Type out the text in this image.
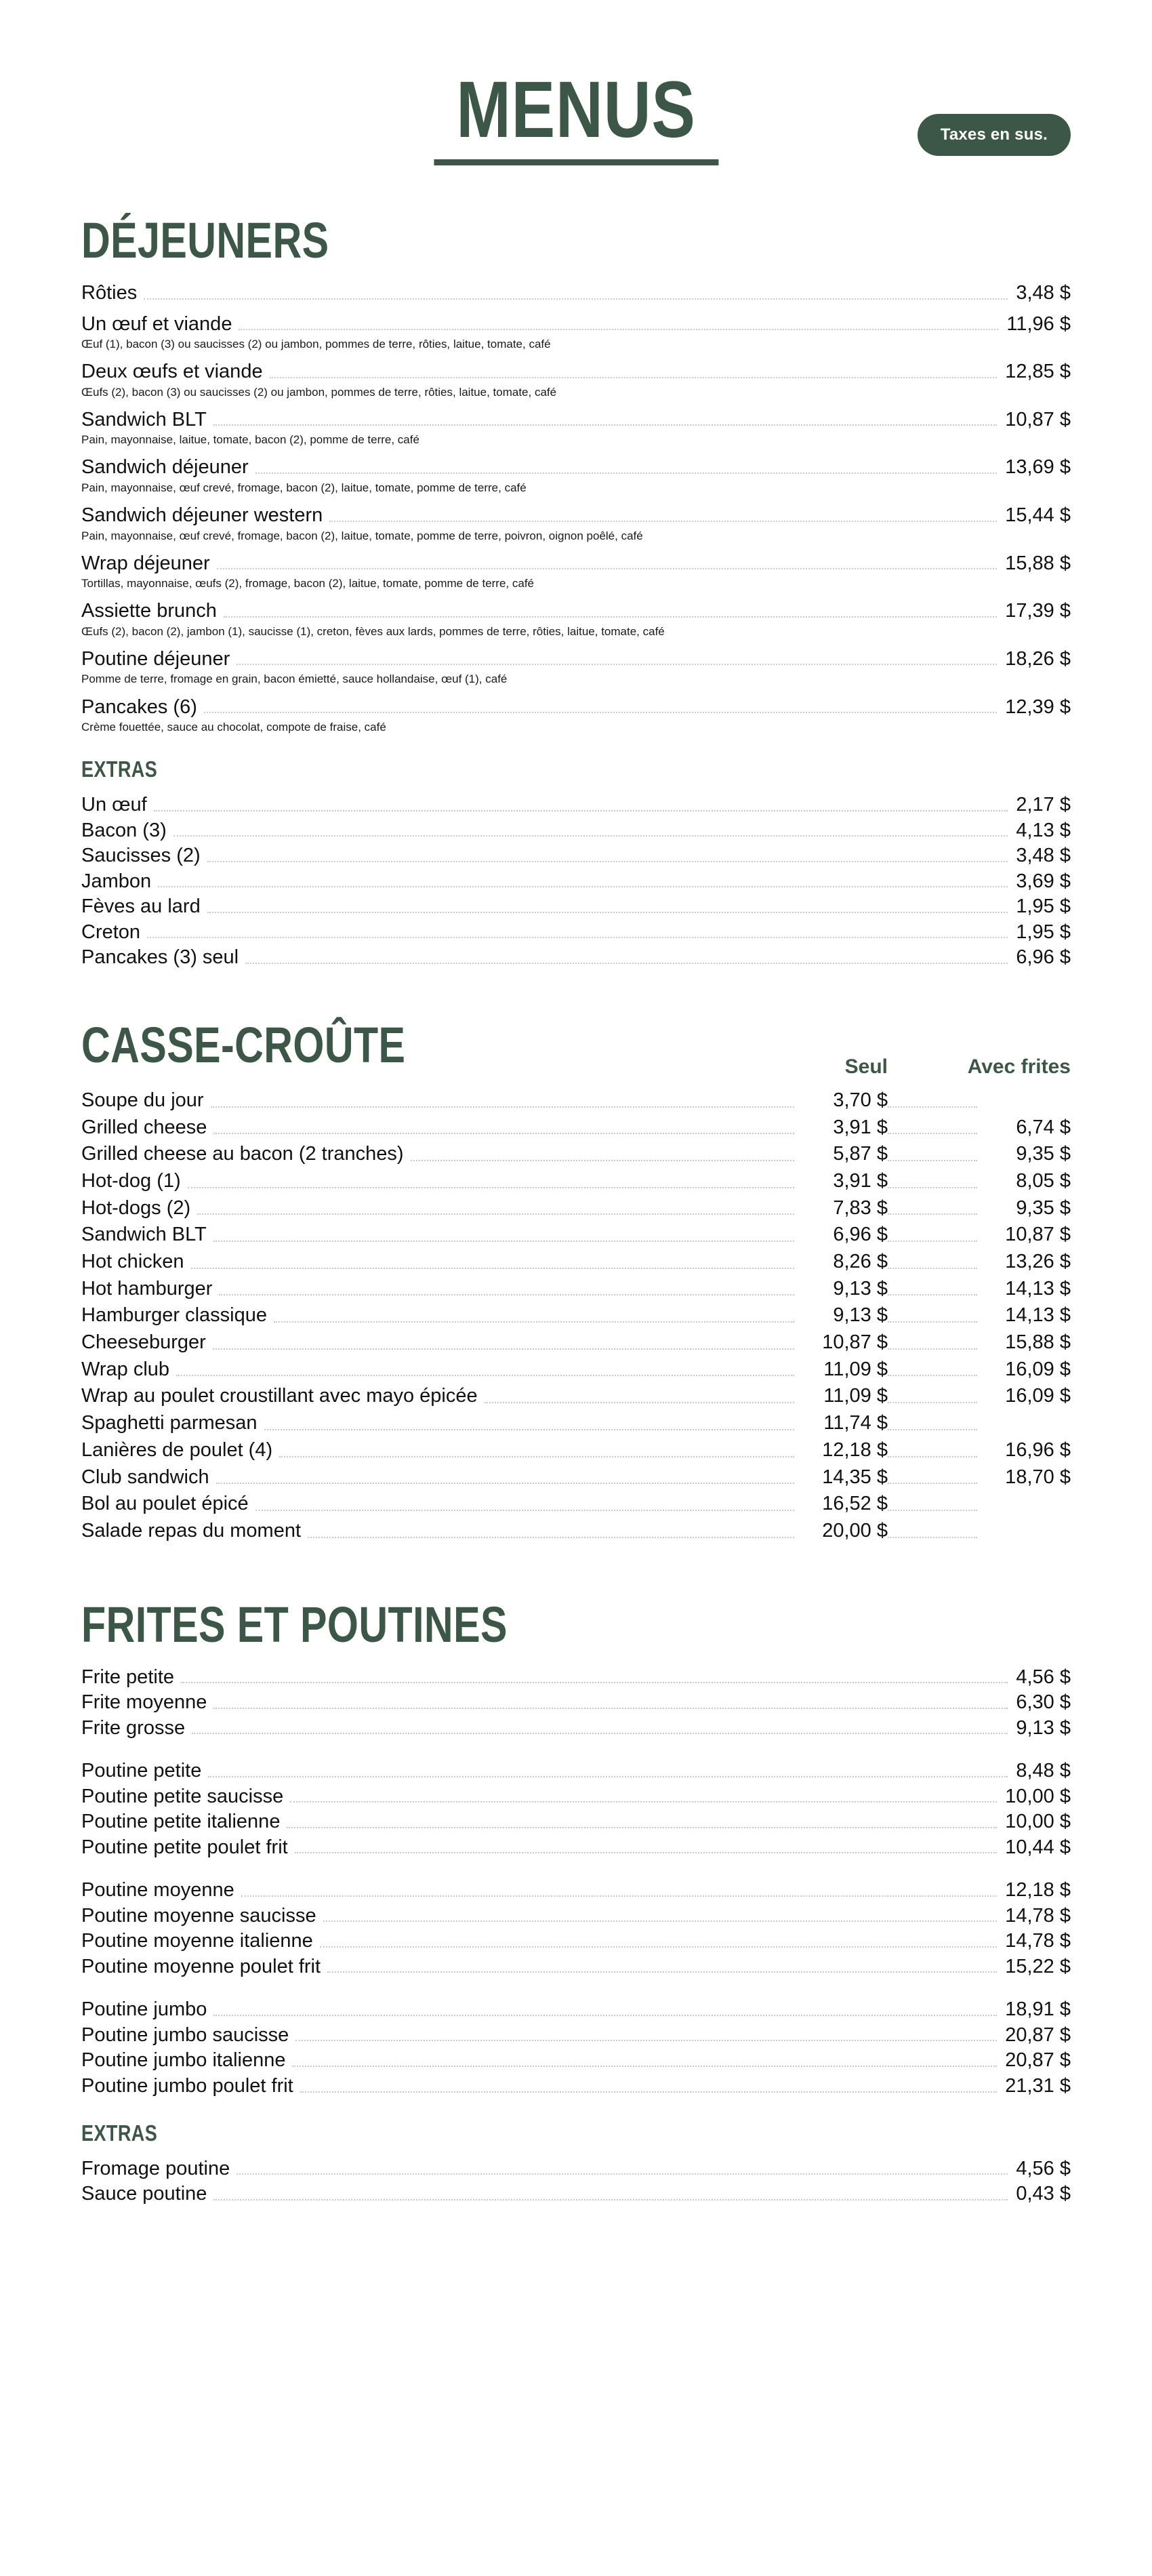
MENUS	Taxes en sus.
DÉJEUNERS
Rôties	3,48 $
Un œuf et viande	11,96 $
Œuf (1), bacon (3) ou saucisses (2) ou jambon, pommes de terre, rôties, laitue, tomate, café
Deux œufs et viande	12,85 $
Œufs (2), bacon (3) ou saucisses (2) ou jambon, pommes de terre, rôties, laitue, tomate, café
Sandwich BLT	10,87 $
Pain, mayonnaise, laitue, tomate, bacon (2), pomme de terre, café
Sandwich déjeuner	13,69 $
Pain, mayonnaise, œuf crevé, fromage, bacon (2), laitue, tomate, pomme de terre, café
Sandwich déjeuner western	15,44 $
Pain, mayonnaise, œuf crevé, fromage, bacon (2), laitue, tomate, pomme de terre, poivron, oignon poêlé, café
Wrap déjeuner	15,88 $
Tortillas, mayonnaise, œufs (2), fromage, bacon (2), laitue, tomate, pomme de terre, café
Assiette brunch	17,39 $
Œufs (2), bacon (2), jambon (1), saucisse (1), creton, fèves aux lards, pommes de terre, rôties, laitue, tomate, café
Poutine déjeuner	18,26 $
Pomme de terre, fromage en grain, bacon émietté, sauce hollandaise, œuf (1), café
Pancakes (6)	12,39 $
Crème fouettée, sauce au chocolat, compote de fraise, café
EXTRAS
Un œuf	2,17 $
Bacon (3)	4,13 $
Saucisses (2)	3,48 $
Jambon	3,69 $
Fèves au lard	1,95 $
Creton	1,95 $
Pancakes (3) seul	6,96 $
CASSE-CROÛTE	Seul	Avec frites
Soupe du jour	3,70 $
Grilled cheese	3,91 $	6,74 $
Grilled cheese au bacon (2 tranches)	5,87 $	9,35 $
Hot-dog (1)	3,91 $	8,05 $
Hot-dogs (2)	7,83 $	9,35 $
Sandwich BLT	6,96 $	10,87 $
Hot chicken	8,26 $	13,26 $
Hot hamburger	9,13 $	14,13 $
Hamburger classique	9,13 $	14,13 $
Cheeseburger	10,87 $	15,88 $
Wrap club	11,09 $	16,09 $
Wrap au poulet croustillant avec mayo épicée	11,09 $	16,09 $
Spaghetti parmesan	11,74 $
Lanières de poulet (4)	12,18 $	16,96 $
Club sandwich	14,35 $	18,70 $
Bol au poulet épicé	16,52 $
Salade repas du moment	20,00 $
FRITES ET POUTINES
Frite petite	4,56 $
Frite moyenne	6,30 $
Frite grosse	9,13 $
Poutine petite	8,48 $
Poutine petite saucisse	10,00 $
Poutine petite italienne	10,00 $
Poutine petite poulet frit	10,44 $
Poutine moyenne	12,18 $
Poutine moyenne saucisse	14,78 $
Poutine moyenne italienne	14,78 $
Poutine moyenne poulet frit	15,22 $
Poutine jumbo	18,91 $
Poutine jumbo saucisse	20,87 $
Poutine jumbo italienne	20,87 $
Poutine jumbo poulet frit	21,31 $
EXTRAS
Fromage poutine	4,56 $
Sauce poutine	0,43 $
